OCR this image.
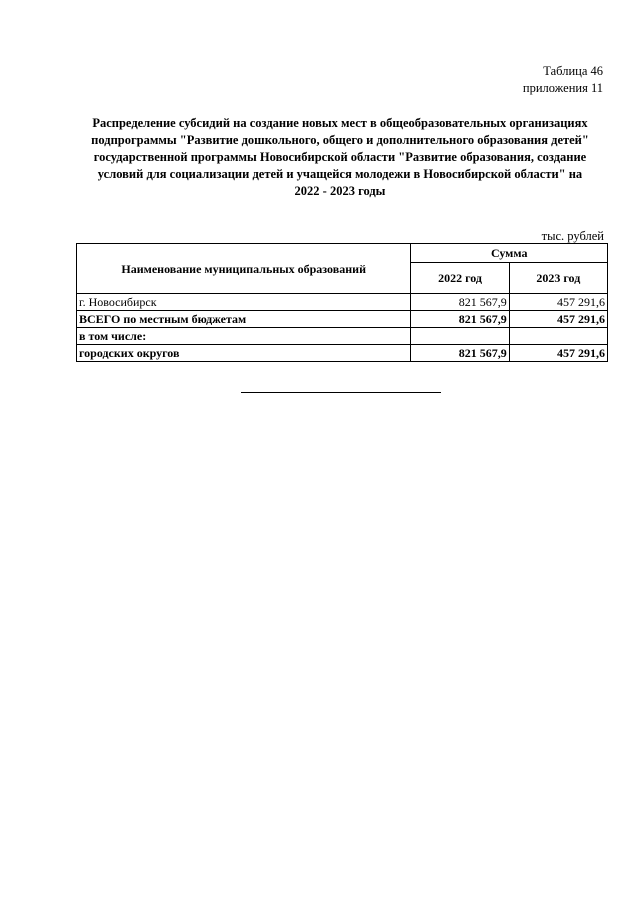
Таблица 46
приложения 11
Распределение субсидий на создание новых мест в общеобразовательных организациях
подпрограммы "Развитие дошкольного, общего и дополнительного образования детей"
государственной программы Новосибирской области "Развитие образования, создание
условий для социализации детей и учащейся молодежи в Новосибирской области" на
2022 - 2023 годы
тыс. рублей
Наименование муниципальных образований	Сумма	
	2022 год	2023 год
г. Новосибирск	821 567,9	457 291,6
ВСЕГО по местным бюджетам	821 567,9	457 291,6
в том числе:		
городских округов	821 567,9	457 291,6
